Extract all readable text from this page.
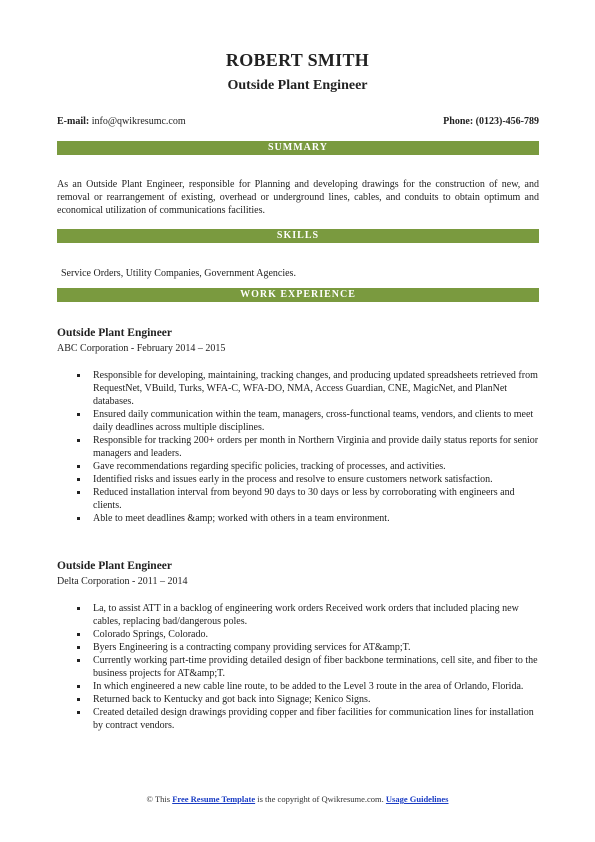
ROBERT SMITH
Outside Plant Engineer
E-mail: info@qwikresumc.com	Phone: (0123)-456-789
SUMMARY
As an Outside Plant Engineer, responsible for Planning and developing drawings for the construction of new, and removal or rearrangement of existing, overhead or underground lines, cables, and conduits to obtain optimum and economical utilization of communications facilities.
SKILLS
Service Orders, Utility Companies, Government Agencies.
WORK EXPERIENCE
Outside Plant Engineer
ABC Corporation - February 2014 – 2015
Responsible for developing, maintaining, tracking changes, and producing updated spreadsheets retrieved from RequestNet, VBuild, Turks, WFA-C, WFA-DO, NMA, Access Guardian, CNE, MagicNet, and PlanNet databases.
Ensured daily communication within the team, managers, cross-functional teams, vendors, and clients to meet daily deadlines across multiple disciplines.
Responsible for tracking 200+ orders per month in Northern Virginia and provide daily status reports for senior managers and leaders.
Gave recommendations regarding specific policies, tracking of processes, and activities.
Identified risks and issues early in the process and resolve to ensure customers network satisfaction.
Reduced installation interval from beyond 90 days to 30 days or less by corroborating with engineers and clients.
Able to meet deadlines &amp; worked with others in a team environment.
Outside Plant Engineer
Delta Corporation - 2011 – 2014
La, to assist ATT in a backlog of engineering work orders Received work orders that included placing new cables, replacing bad/dangerous poles.
Colorado Springs, Colorado.
Byers Engineering is a contracting company providing services for AT&amp;T.
Currently working part-time providing detailed design of fiber backbone terminations, cell site, and fiber to the business projects for AT&amp;T.
In which engineered a new cable line route, to be added to the Level 3 route in the area of Orlando, Florida.
Returned back to Kentucky and got back into Signage; Kenico Signs.
Created detailed design drawings providing copper and fiber facilities for communication lines for installation by contract vendors.
© This Free Resume Template is the copyright of Qwikresume.com. Usage Guidelines
